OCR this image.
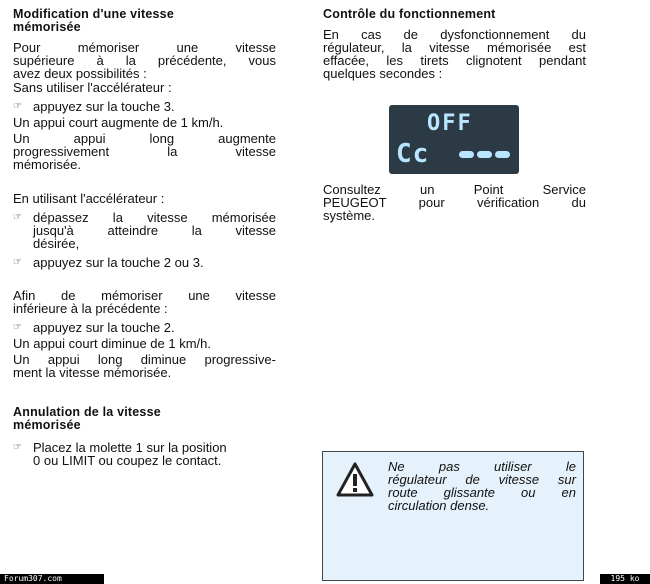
Modification d'une vitesse
mémorisée

Pour mémoriser une vitesse
supérieure à la précédente, vous

avez deux possibilités :

Sans utiliser l'accélérateur :

☞ appuyez sur la touche 3.

Un appui court augmente de 1 km/h.

Un appui long augmente
progressivement la vitesse

mémorisée.

En utilisant l'accélérateur :

☞ dépassez la vitesse mémorisée
jusqu'à atteindre la vitesse
désirée,
☞ appuyez sur la touche 2 ou 3.

Afin de mémoriser une vitesse

inférieure à la précédente :

☞ appuyez sur la touche 2.

Un appui court diminue de 1 km/h.

Un appui long diminue progressive-

ment la vitesse mémorisée.

Annulation de la vitesse
mémorisée
☞ Placez la molette 1 sur la position
0 ou LIMIT ou coupez le contact.
Contrôle du fonctionnement

En cas de dysfonctionnement du
régulateur, la vitesse mémorisée est
effacée, les tirets clignotent pendant

quelques secondes :

OFF
Cc

Consultez un Point Service
PEUGEOT pour vérification du

système.

Ne pas utiliser le
régulateur de vitesse sur
route glissante ou en
circulation dense.
Forum307.com	195 ko
